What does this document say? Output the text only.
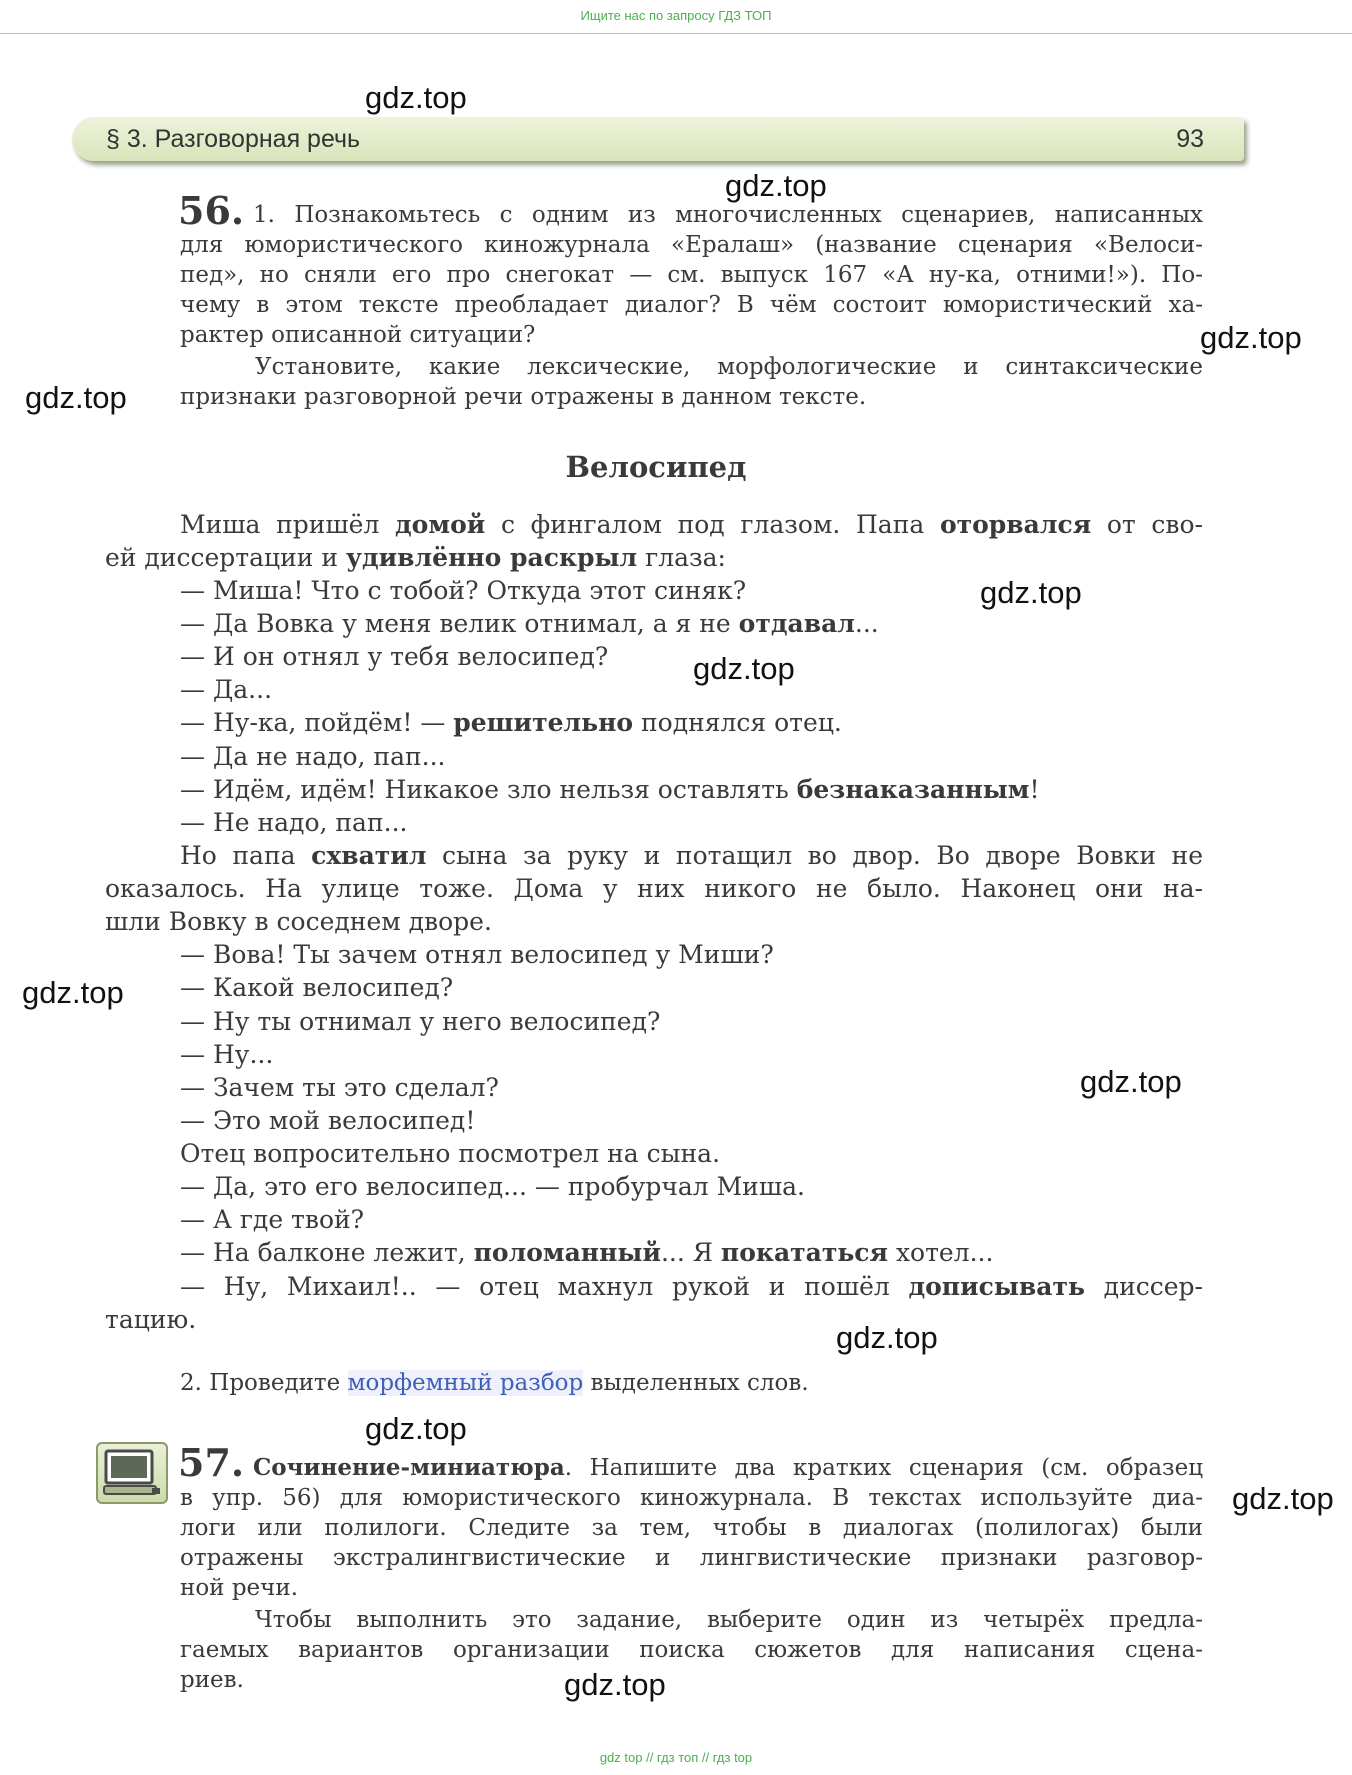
Ищите нас по запросу ГДЗ ТОП
§ 3. Разговорная речь	93
56. 1. Познакомьтесь с одним из многочисленных сценариев, написанных
для юмористического киножурнала «Ералаш» (название сценария «Велоси-
пед», но сняли его про снегокат — см. выпуск 167 «А ну-ка, отними!»). По-
чему в этом тексте преобладает диалог? В чём состоит юмористический ха-
рактер описанной ситуации?
Установите, какие лексические, морфологические и синтаксические
признаки разговорной речи отражены в данном тексте.
Велосипед
Миша пришёл домой с фингалом под глазом. Папа оторвался от сво-
ей диссертации и удивлённо раскрыл глаза:
— Миша! Что с тобой? Откуда этот синяк?
— Да Вовка у меня велик отнимал, а я не отдавал...
— И он отнял у тебя велосипед?
— Да...
— Ну-ка, пойдём! — решительно поднялся отец.
— Да не надо, пап...
— Идём, идём! Никакое зло нельзя оставлять безнаказанным!
— Не надо, пап...
Но папа схватил сына за руку и потащил во двор. Во дворе Вовки не
оказалось. На улице тоже. Дома у них никого не было. Наконец они на-
шли Вовку в соседнем дворе.
— Вова! Ты зачем отнял велосипед у Миши?
— Какой велосипед?
— Ну ты отнимал у него велосипед?
— Ну...
— Зачем ты это сделал?
— Это мой велосипед!
Отец вопросительно посмотрел на сына.
— Да, это его велосипед... — пробурчал Миша.
— А где твой?
— На балконе лежит, поломанный... Я покататься хотел...
— Ну, Михаил!.. — отец махнул рукой и пошёл дописывать диссер-
тацию.
2. Проведите морфемный разбор выделенных слов.
57. Сочинение-миниатюра. Напишите два кратких сценария (см. образец
в упр. 56) для юмористического киножурнала. В текстах используйте диа-
логи или полилоги. Следите за тем, чтобы в диалогах (полилогах) были
отражены экстралингвистические и лингвистические признаки разговор-
ной речи.
Чтобы выполнить это задание, выберите один из четырёх предла-
гаемых вариантов организации поиска сюжетов для написания сцена-
риев.
gdz.top
gdz.top
gdz.top
gdz.top
gdz.top
gdz.top
gdz.top
gdz.top
gdz.top
gdz.top
gdz.top
gdz.top
gdz top // гдз топ // гдз top
